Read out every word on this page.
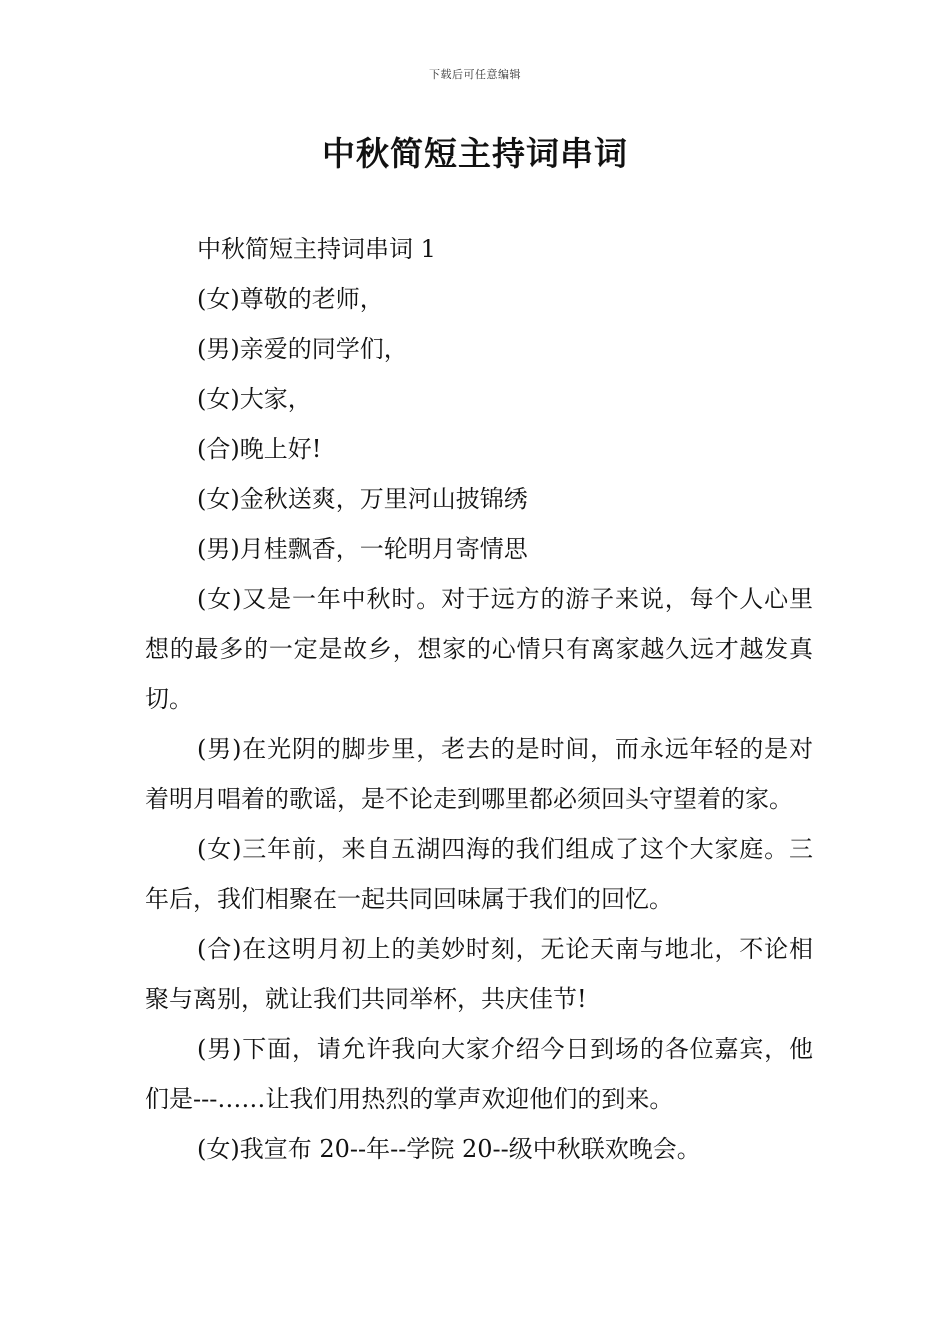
下载后可任意编辑
中秋简短主持词串词

中秋简短主持词串词 1

(女)尊敬的老师，

(男)亲爱的同学们，

(女)大家，

(合)晚上好!

(女)金秋送爽，万里河山披锦绣

(男)月桂飘香，一轮明月寄情思

(女)又是一年中秋时。对于远方的游子来说，每个人心里想的最多的一定是故乡，想家的心情只有离家越久远才越发真切。

(男)在光阴的脚步里，老去的是时间，而永远年轻的是对着明月唱着的歌谣，是不论走到哪里都必须回头守望着的家。

(女)三年前，来自五湖四海的我们组成了这个大家庭。三年后，我们相聚在一起共同回味属于我们的回忆。

(合)在这明月初上的美妙时刻，无论天南与地北，不论相聚与离别，就让我们共同举杯，共庆佳节!

(男)下面，请允许我向大家介绍今日到场的各位嘉宾，他们是---……让我们用热烈的掌声欢迎他们的到来。

(女)我宣布 20--年--学院 20--级中秋联欢晚会。
